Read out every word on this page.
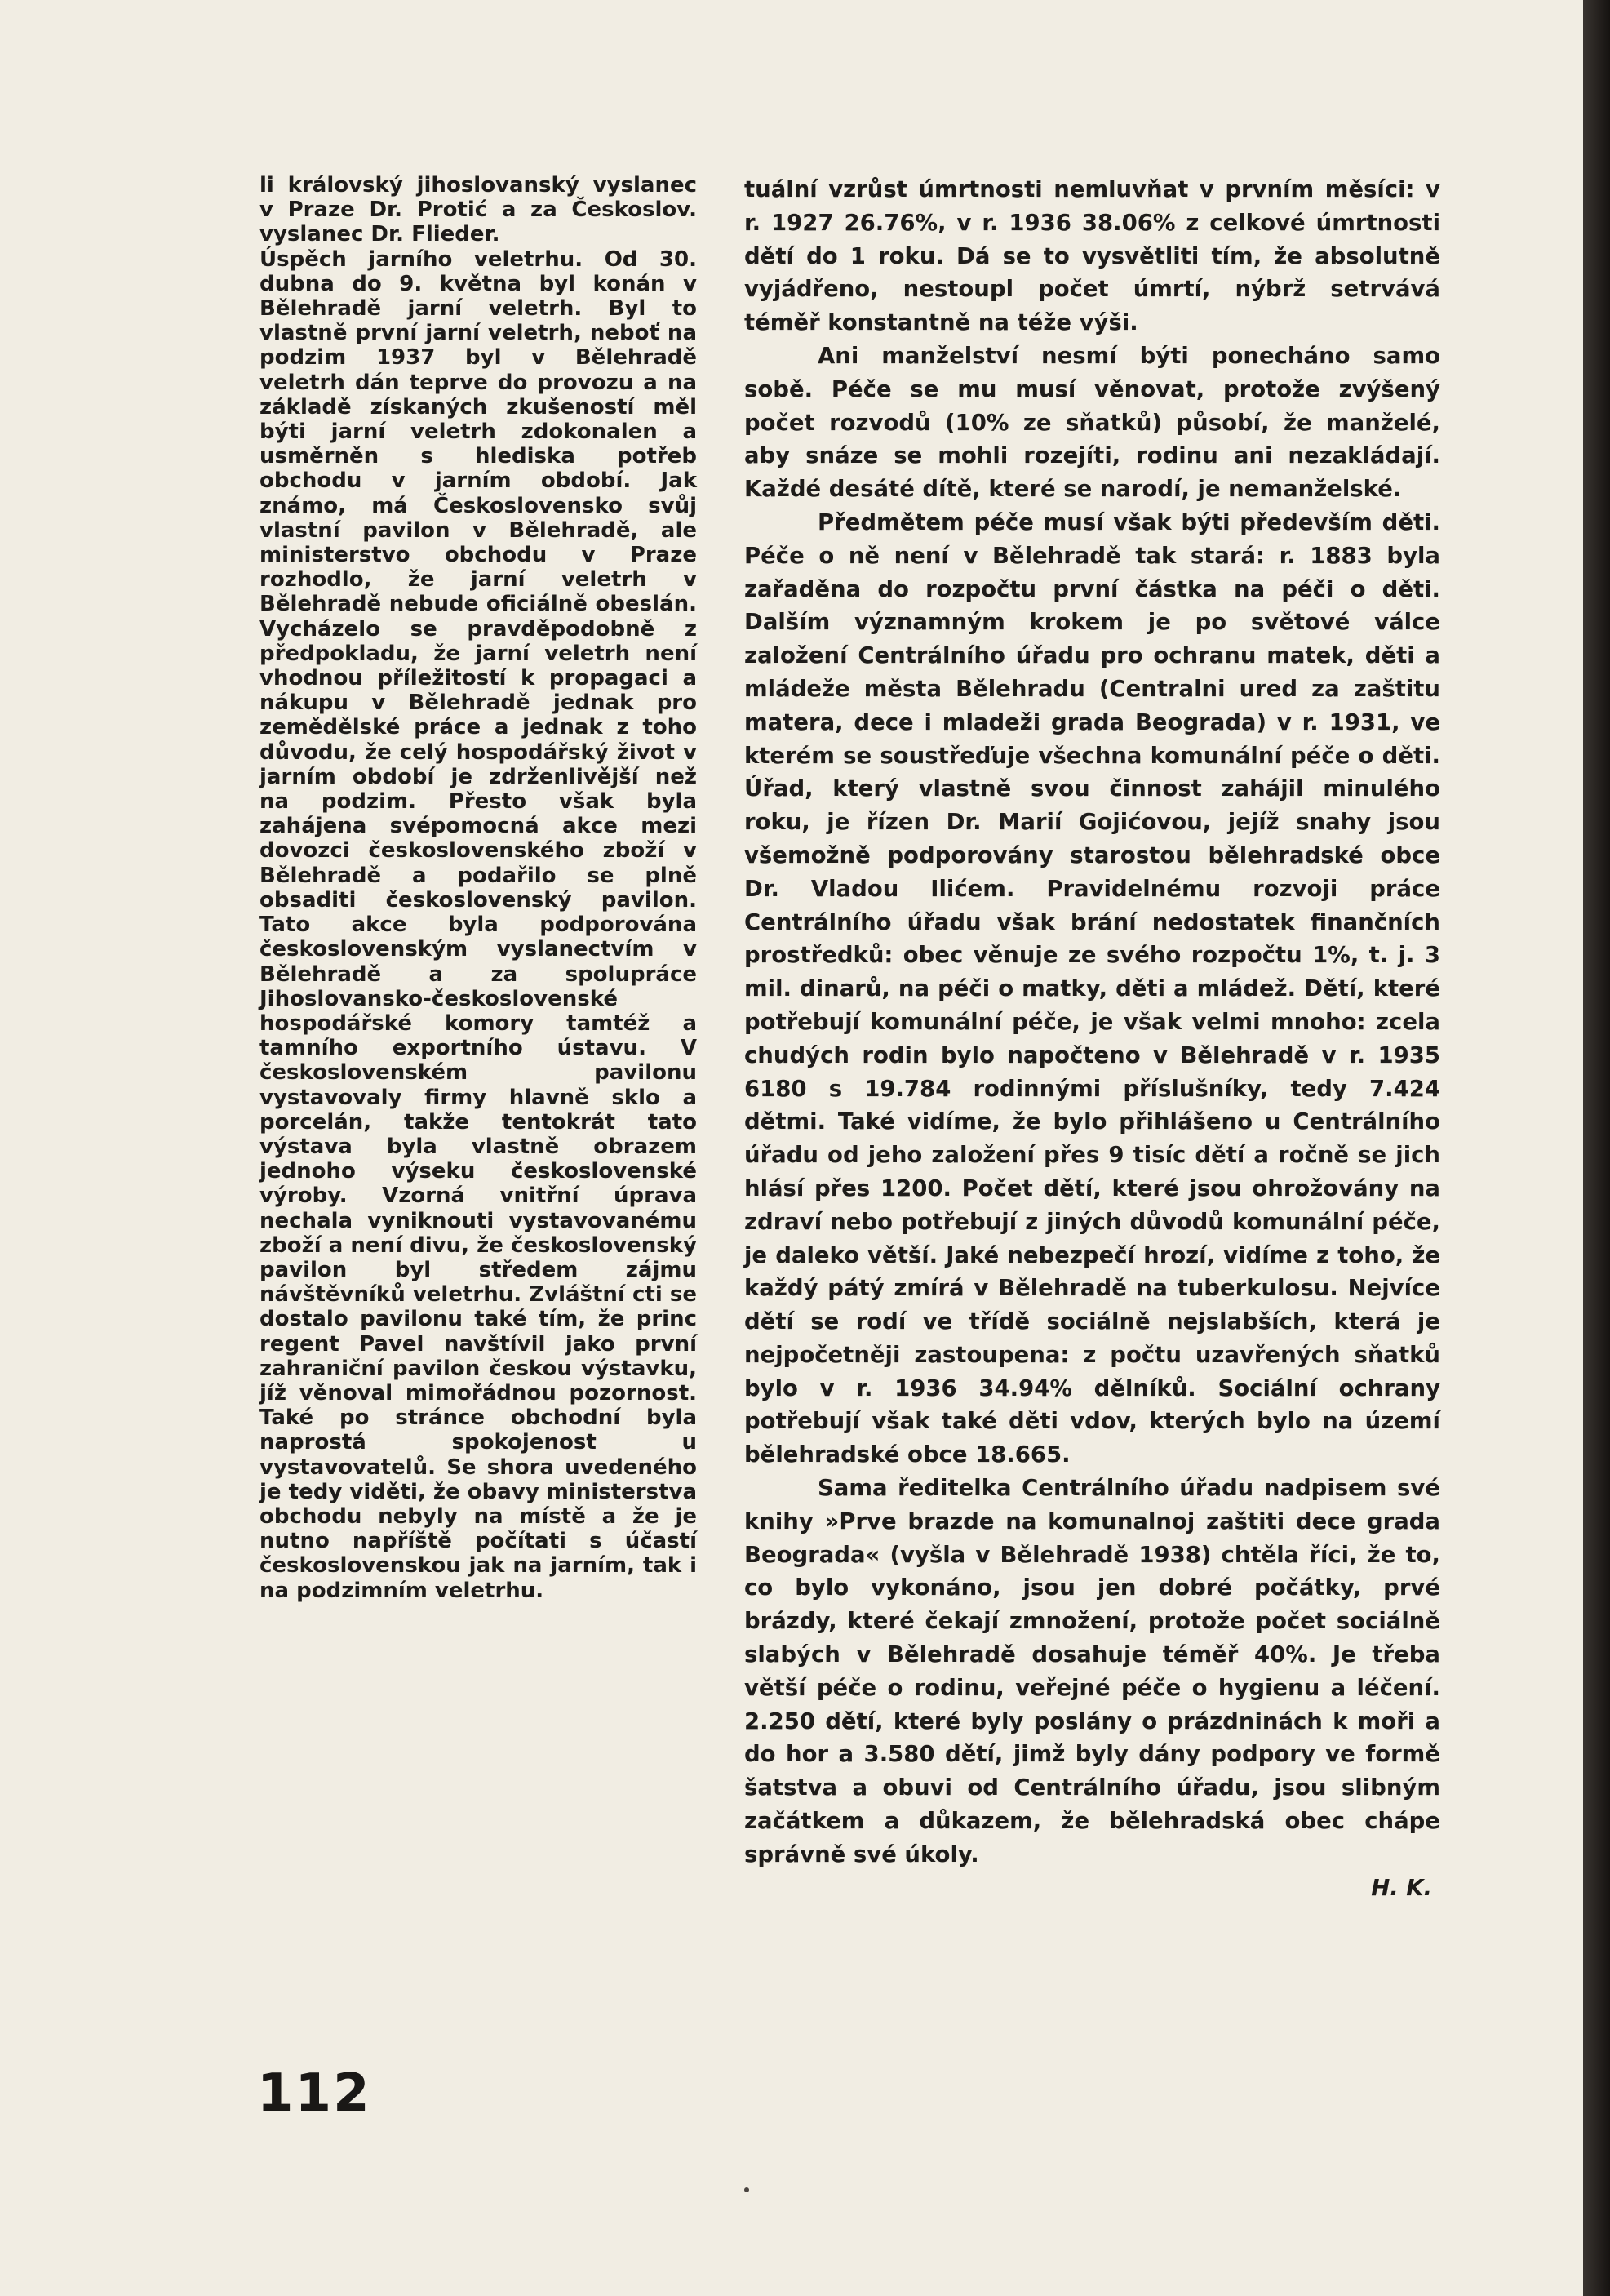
li královský jihoslovanský vyslanec v Praze Dr. Protić a za Českoslov. vyslanec Dr. Flieder.

Úspěch jarního veletrhu. Od 30. dubna do 9. května byl konán v Bělehradě jarní veletrh. Byl to vlastně první jarní veletrh, neboť na podzim 1937 byl v Bělehradě veletrh dán teprve do provozu a na základě získaných zkušeností měl býti jarní veletrh zdokonalen a usměrněn s hlediska potřeb obchodu v jarním období. Jak známo, má Československo svůj vlastní pavilon v Bělehradě, ale ministerstvo obchodu v Praze rozhodlo, že jarní veletrh v Bělehradě nebude oficiálně obeslán. Vycházelo se pravděpodobně z předpokladu, že jarní veletrh není vhodnou příležitostí k propagaci a nákupu v Bělehradě jednak pro zemědělské práce a jednak z toho důvodu, že celý hospodářský život v jarním období je zdrženlivější než na podzim. Přesto však byla zahájena svépomocná akce mezi dovozci československého zboží v Bělehradě a podařilo se plně obsaditi československý pavilon. Tato akce byla podporována československým vyslanectvím v Bělehradě a za spolupráce Jihoslovansko-československé hospodářské komory tamtéž a tamního exportního ústavu. V československém pavilonu vystavovaly firmy hlavně sklo a porcelán, takže tentokrát tato výstava byla vlastně obrazem jednoho výseku československé výroby. Vzorná vnitřní úprava nechala vyniknouti vystavovanému zboží a není divu, že československý pavilon byl středem zájmu návštěvníků veletrhu. Zvláštní cti se dostalo pavilonu také tím, že princ regent Pavel navštívil jako první zahraniční pavilon českou výstavku, jíž věnoval mimořádnou pozornost. Také po stránce obchodní byla naprostá spokojenost u vystavovatelů. Se shora uvedeného je tedy viděti, že obavy ministerstva obchodu nebyly na místě a že je nutno napříště počítati s účastí československou jak na jarním, tak i na podzimním veletrhu.

tuální vzrůst úmrtnosti nemluvňat v prvním měsíci: v r. 1927 26.76%, v r. 1936 38.06% z celkové úmrtnosti dětí do 1 roku. Dá se to vysvětliti tím, že absolutně vyjádřeno, nestoupl počet úmrtí, nýbrž setrvává téměř konstantně na téže výši.

Ani manželství nesmí býti ponecháno samo sobě. Péče se mu musí věnovat, protože zvýšený počet rozvodů (10% ze sňatků) působí, že manželé, aby snáze se mohli rozejíti, rodinu ani nezakládají. Každé desáté dítě, které se narodí, je nemanželské.

Předmětem péče musí však býti především děti. Péče o ně není v Bělehradě tak stará: r. 1883 byla zařaděna do rozpočtu první částka na péči o děti. Dalším významným krokem je po světové válce založení Centrálního úřadu pro ochranu matek, děti a mládeže města Bělehradu (Centralni ured za zaštitu matera, dece i mladeži grada Beograda) v r. 1931, ve kterém se soustřeďuje všechna komunální péče o děti. Úřad, který vlastně svou činnost zahájil minulého roku, je řízen Dr. Marií Gojićovou, jejíž snahy jsou všemožně podporovány starostou bělehradské obce Dr. Vladou Ilićem. Pravidelnému rozvoji práce Centrálního úřadu však brání nedostatek finančních prostředků: obec věnuje ze svého rozpočtu 1%, t. j. 3 mil. dinarů, na péči o matky, děti a mládež. Dětí, které potřebují komunální péče, je však velmi mnoho: zcela chudých rodin bylo napočteno v Bělehradě v r. 1935 6180 s 19.784 rodinnými příslušníky, tedy 7.424 dětmi. Také vidíme, že bylo přihlášeno u Centrálního úřadu od jeho založení přes 9 tisíc dětí a ročně se jich hlásí přes 1200. Počet dětí, které jsou ohrožovány na zdraví nebo potřebují z jiných důvodů komunální péče, je daleko větší. Jaké nebezpečí hrozí, vidíme z toho, že každý pátý zmírá v Bělehradě na tuberkulosu. Nejvíce dětí se rodí ve třídě sociálně nejslabších, která je nejpočetněji zastoupena: z počtu uzavřených sňatků bylo v r. 1936 34.94% dělníků. Sociální ochrany potřebují však také děti vdov, kterých bylo na území bělehradské obce 18.665.

Sama ředitelka Centrálního úřadu nadpisem své knihy »Prve brazde na komunalnoj zaštiti dece grada Beograda« (vyšla v Bělehradě 1938) chtěla říci, že to, co bylo vykonáno, jsou jen dobré počátky, prvé brázdy, které čekají zmnožení, protože počet sociálně slabých v Bělehradě dosahuje téměř 40%. Je třeba větší péče o rodinu, veřejné péče o hygienu a léčení. 2.250 dětí, které byly poslány o prázdninách k moři a do hor a 3.580 dětí, jimž byly dány podpory ve formě šatstva a obuvi od Centrálního úřadu, jsou slibným začátkem a důkazem, že bělehradská obec chápe správně své úkoly.

H. K.
112
